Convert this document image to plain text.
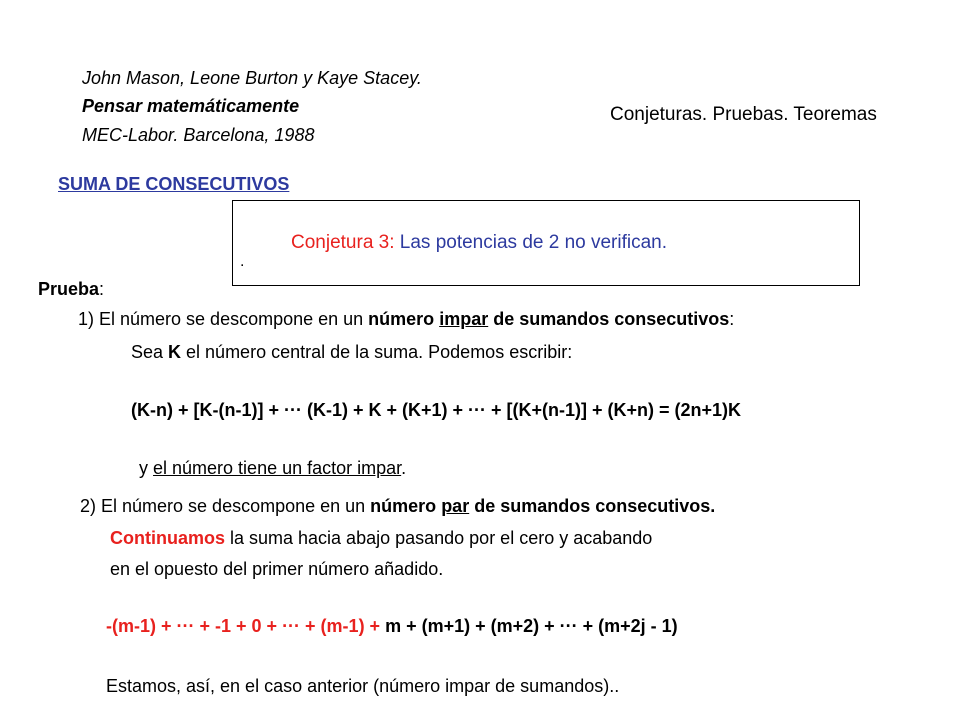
John Mason, Leone Burton y Kaye Stacey.
Pensar matemáticamente
MEC-Labor. Barcelona, 1988
Conjeturas. Pruebas. Teoremas
SUMA DE CONSECUTIVOS
Conjetura 3: Las potencias de 2 no verifican.
.
Prueba:
1) El número se descompone en un número impar de sumandos consecutivos:
Sea K el número central de la suma. Podemos escribir:
(K-n) + [K-(n-1)] + ··· (K-1) + K + (K+1) + ··· + [(K+(n-1)] + (K+n) = (2n+1)K
y el número tiene un factor impar.
2) El número se descompone en un número par de sumandos consecutivos.
Continuamos la suma hacia abajo pasando por el cero y acabando
en el opuesto del primer número añadido.
-(m-1) + ··· + -1 + 0 + ··· + (m-1) + m + (m+1) + (m+2) + ··· + (m+2j - 1)
Estamos, así, en el caso anterior (número impar de sumandos)..
